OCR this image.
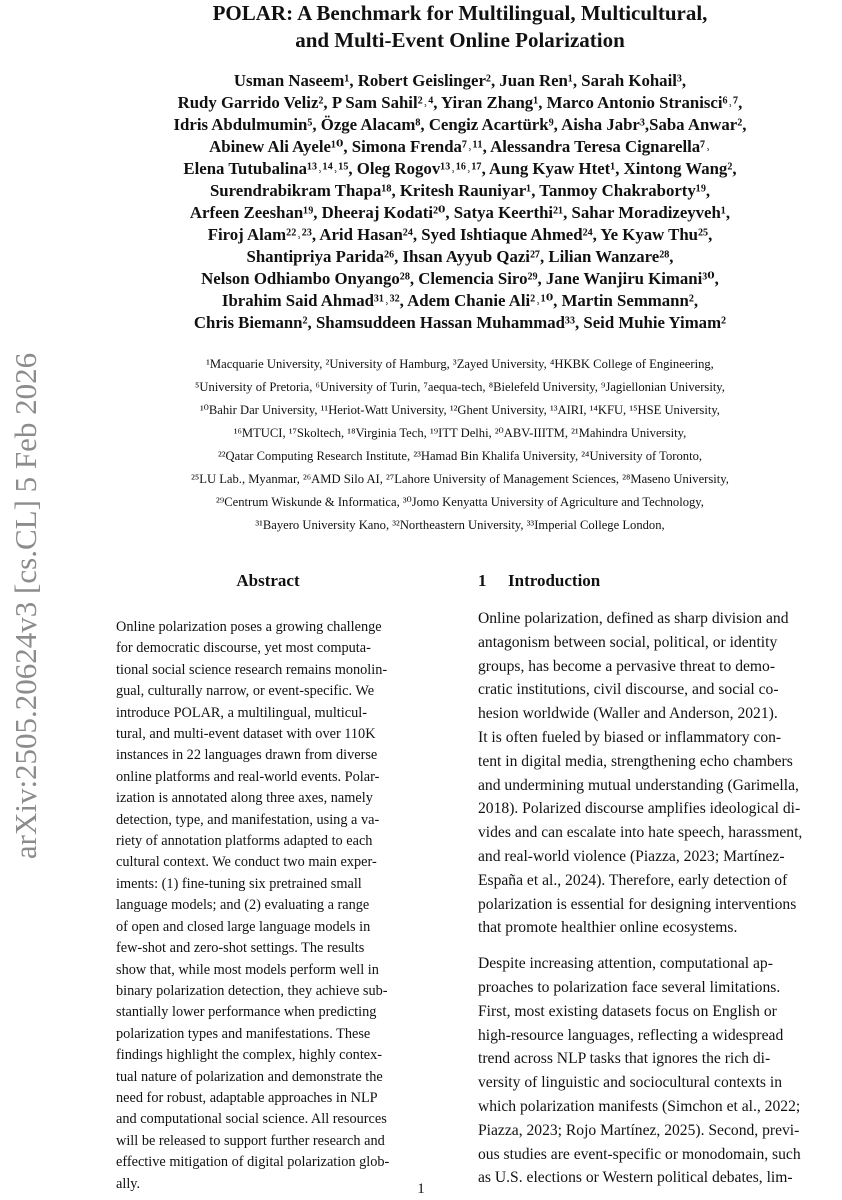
arXiv:2505.20624v3 [cs.CL] 5 Feb 2026
POLAR: A Benchmark for Multilingual, Multicultural,
and Multi-Event Online Polarization
Usman Naseem¹, Robert Geislinger², Juan Ren¹, Sarah Kohail³,
Rudy Garrido Veliz², P Sam Sahil²˒⁴, Yiran Zhang¹, Marco Antonio Stranisci⁶˒⁷,
Idris Abdulmumin⁵, Özge Alacam⁸, Cengiz Acartürk⁹, Aisha Jabr³,Saba Anwar²,
Abinew Ali Ayele¹⁰, Simona Frenda⁷˒¹¹, Alessandra Teresa Cignarella⁷˒
Elena Tutubalina¹³˒¹⁴˒¹⁵, Oleg Rogov¹³˒¹⁶˒¹⁷, Aung Kyaw Htet¹, Xintong Wang²,
Surendrabikram Thapa¹⁸, Kritesh Rauniyar¹, Tanmoy Chakraborty¹⁹,
Arfeen Zeeshan¹⁹, Dheeraj Kodati²⁰, Satya Keerthi²¹, Sahar Moradizeyveh¹,
Firoj Alam²²˒²³, Arid Hasan²⁴, Syed Ishtiaque Ahmed²⁴, Ye Kyaw Thu²⁵,
Shantipriya Parida²⁶, Ihsan Ayyub Qazi²⁷, Lilian Wanzare²⁸,
Nelson Odhiambo Onyango²⁸, Clemencia Siro²⁹, Jane Wanjiru Kimani³⁰,
Ibrahim Said Ahmad³¹˒³², Adem Chanie Ali²˒¹⁰, Martin Semmann²,
Chris Biemann², Shamsuddeen Hassan Muhammad³³, Seid Muhie Yimam²
¹Macquarie University, ²University of Hamburg, ³Zayed University, ⁴HKBK College of Engineering,
⁵University of Pretoria, ⁶University of Turin, ⁷aequa-tech, ⁸Bielefeld University, ⁹Jagiellonian University,
¹⁰Bahir Dar University, ¹¹Heriot-Watt University, ¹²Ghent University, ¹³AIRI, ¹⁴KFU, ¹⁵HSE University,
¹⁶MTUCI, ¹⁷Skoltech, ¹⁸Virginia Tech, ¹⁹ITT Delhi, ²⁰ABV-IIITM, ²¹Mahindra University,
²²Qatar Computing Research Institute, ²³Hamad Bin Khalifa University, ²⁴University of Toronto,
²⁵LU Lab., Myanmar, ²⁶AMD Silo AI, ²⁷Lahore University of Management Sciences, ²⁸Maseno University,
²⁹Centrum Wiskunde & Informatica, ³⁰Jomo Kenyatta University of Agriculture and Technology,
³¹Bayero University Kano, ³²Northeastern University, ³³Imperial College London,
Abstract
Online polarization poses a growing challenge
for democratic discourse, yet most computa-
tional social science research remains monolin-
gual, culturally narrow, or event-specific. We
introduce POLAR, a multilingual, multicul-
tural, and multi-event dataset with over 110K
instances in 22 languages drawn from diverse
online platforms and real-world events. Polar-
ization is annotated along three axes, namely
detection, type, and manifestation, using a va-
riety of annotation platforms adapted to each
cultural context. We conduct two main exper-
iments: (1) fine-tuning six pretrained small
language models; and (2) evaluating a range
of open and closed large language models in
few-shot and zero-shot settings. The results
show that, while most models perform well in
binary polarization detection, they achieve sub-
stantially lower performance when predicting
polarization types and manifestations. These
findings highlight the complex, highly contex-
tual nature of polarization and demonstrate the
need for robust, adaptable approaches in NLP
and computational social science. All resources
will be released to support further research and
effective mitigation of digital polarization glob-
ally.
1 Introduction
Online polarization, defined as sharp division and
antagonism between social, political, or identity
groups, has become a pervasive threat to demo-
cratic institutions, civil discourse, and social co-
hesion worldwide (Waller and Anderson, 2021).
It is often fueled by biased or inflammatory con-
tent in digital media, strengthening echo chambers
and undermining mutual understanding (Garimella,
2018). Polarized discourse amplifies ideological di-
vides and can escalate into hate speech, harassment,
and real-world violence (Piazza, 2023; Martínez-
España et al., 2024). Therefore, early detection of
polarization is essential for designing interventions
that promote healthier online ecosystems.
Despite increasing attention, computational ap-
proaches to polarization face several limitations.
First, most existing datasets focus on English or
high-resource languages, reflecting a widespread
trend across NLP tasks that ignores the rich di-
versity of linguistic and sociocultural contexts in
which polarization manifests (Simchon et al., 2022;
Piazza, 2023; Rojo Martínez, 2025). Second, previ-
ous studies are event-specific or monodomain, such
as U.S. elections or Western political debates, lim-
1
